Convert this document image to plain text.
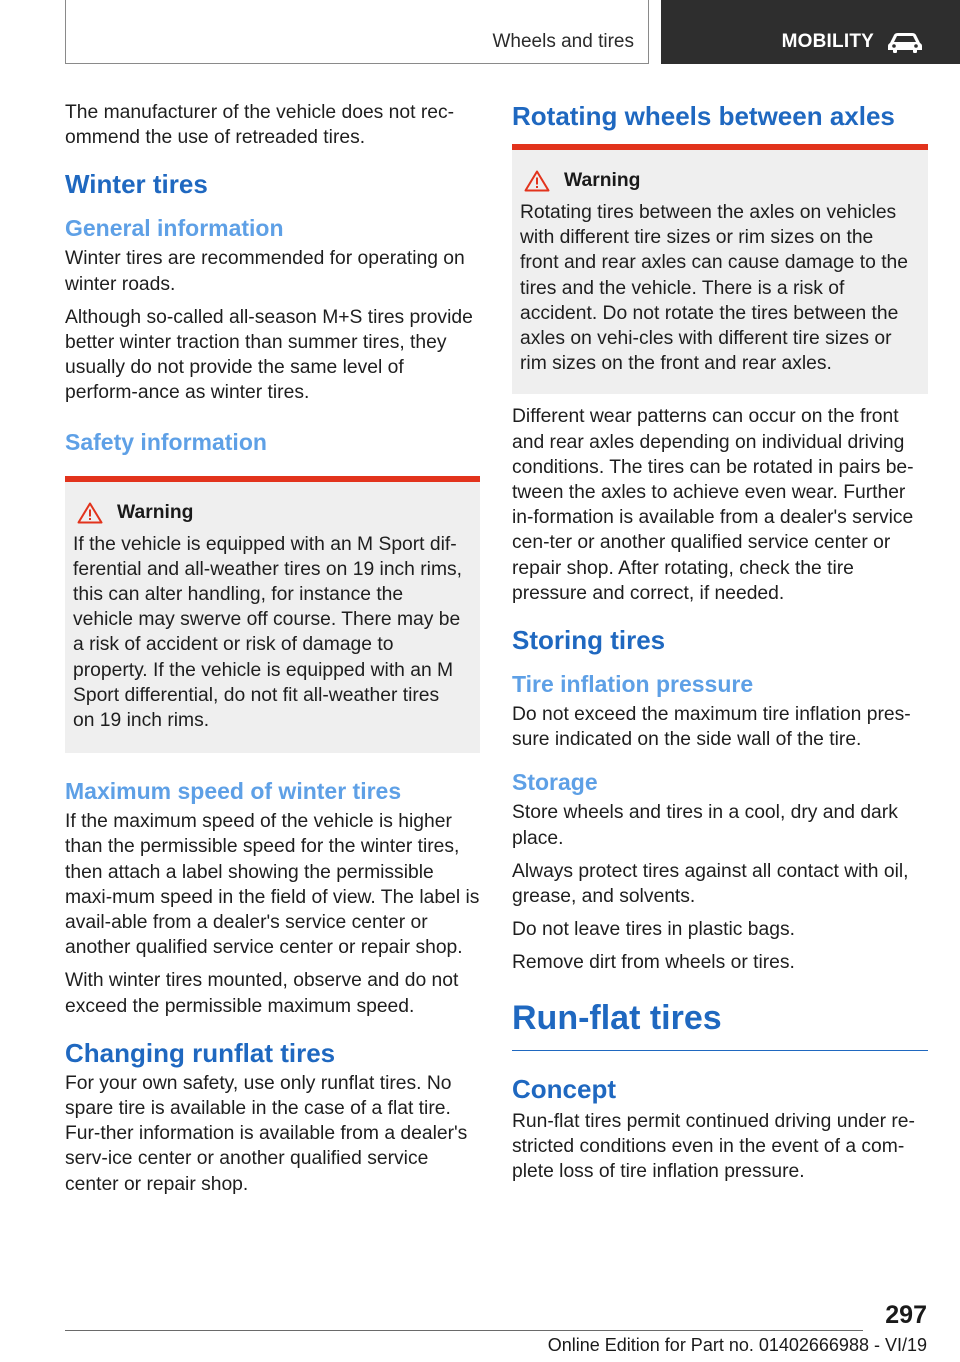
Wheels and tires	MOBILITY

The manufacturer of the vehicle does not rec‐ommend the use of retreaded tires.

Winter tires
General information

Winter tires are recommended for operating on winter roads.

Although so-called all-season M+S tires provide better winter traction than summer tires, they usually do not provide the same level of perform‐ance as winter tires.

Safety information
Warning

If the vehicle is equipped with an M Sport dif‐ferential and all-weather tires on 19 inch rims, this can alter handling, for instance the vehicle may swerve off course. There may be a risk of accident or risk of damage to property. If the vehicle is equipped with an M Sport differential, do not fit all-weather tires on 19 inch rims.

Maximum speed of winter tires

If the maximum speed of the vehicle is higher than the permissible speed for the winter tires, then attach a label showing the permissible maxi‐mum speed in the field of view. The label is avail‐able from a dealer's service center or another qualified service center or repair shop.

With winter tires mounted, observe and do not exceed the permissible maximum speed.

Changing runflat tires

For your own safety, use only runflat tires. No spare tire is available in the case of a flat tire. Fur‐ther information is available from a dealer's serv‐ice center or another qualified service center or repair shop.

Rotating wheels between axles
Warning

Rotating tires between the axles on vehicles with different tire sizes or rim sizes on the front and rear axles can cause damage to the tires and the vehicle. There is a risk of accident. Do not rotate the tires between the axles on vehi‐cles with different tire sizes or rim sizes on the front and rear axles.

Different wear patterns can occur on the front and rear axles depending on individual driving conditions. The tires can be rotated in pairs be‐tween the axles to achieve even wear. Further in‐formation is available from a dealer's service cen‐ter or another qualified service center or repair shop. After rotating, check the tire pressure and correct, if needed.

Storing tires
Tire inflation pressure

Do not exceed the maximum tire inflation pres‐sure indicated on the side wall of the tire.

Storage

Store wheels and tires in a cool, dry and dark place.

Always protect tires against all contact with oil, grease, and solvents.

Do not leave tires in plastic bags.

Remove dirt from wheels or tires.

Run-flat tires
Concept

Run-flat tires permit continued driving under re‐stricted conditions even in the event of a com‐plete loss of tire inflation pressure.

297
Online Edition for Part no. 01402666988 - VI/19
